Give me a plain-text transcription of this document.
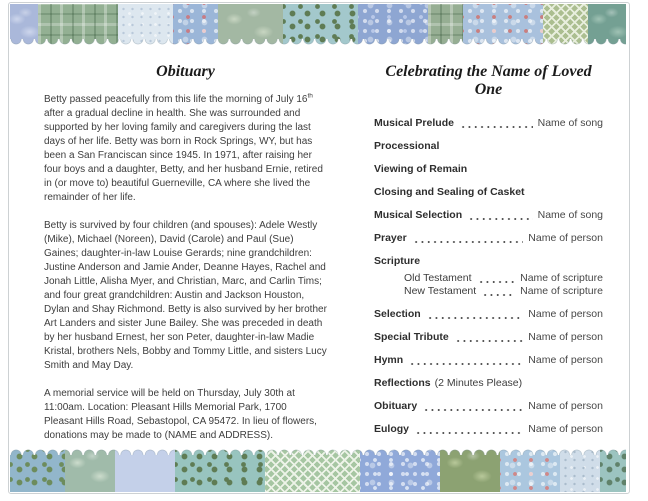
Obituary

Betty passed peacefully from this life the morning of July 16th after a gradual decline in health. She was surrounded and supported by her loving family and caregivers during the last days of her life. Betty was born in Rock Springs, WY, but has been a San Franciscan since 1945. In 1971, after raising her four boys and a daughter, Betty, and her husband Ernie, retired in (or move to) beautiful Guerneville, CA where she lived the remainder of her life.

Betty is survived by four children (and spouses): Adele Westly (Mike), Michael (Noreen), David (Carole) and Paul (Sue) Gaines; daughter-in-law Louise Gerards; nine grandchildren: Justine Anderson and Jamie Ander, Deanne Hayes, Rachel and Jonah Little, Alisha Myer, and Christian, Marc, and Carlin Tims; and four great grandchildren: Austin and Jackson Houston, Dylan and Shay Richmond. Betty is also survived by her brother Art Landers and sister June Bailey. She was preceded in death by her husband Ernest, her son Peter, daughter-in-law Madie Kristal, brothers Nels, Bobby and Tommy Little, and sisters Lucy Smith and May Day.

A memorial service will be held on Thursday, July 30th at 11:00am. Location: Pleasant Hills Memorial Park, 1700 Pleasant Hills Road, Sebastopol, CA 95472. In lieu of flowers, donations may be made to (NAME and ADDRESS).

Celebrating the Name of Loved One
Musical Prelude	Name of song
Processional
Viewing of Remain
Closing and Sealing of Casket
Musical Selection	Name of song
Prayer	Name of person
Scripture
Old Testament	Name of scripture
New Testament	Name of scripture
Selection	Name of person
Special Tribute	Name of person
Hymn	Name of person
Reflections (2 Minutes Please)
Obituary	Name of person
Eulogy	Name of person
